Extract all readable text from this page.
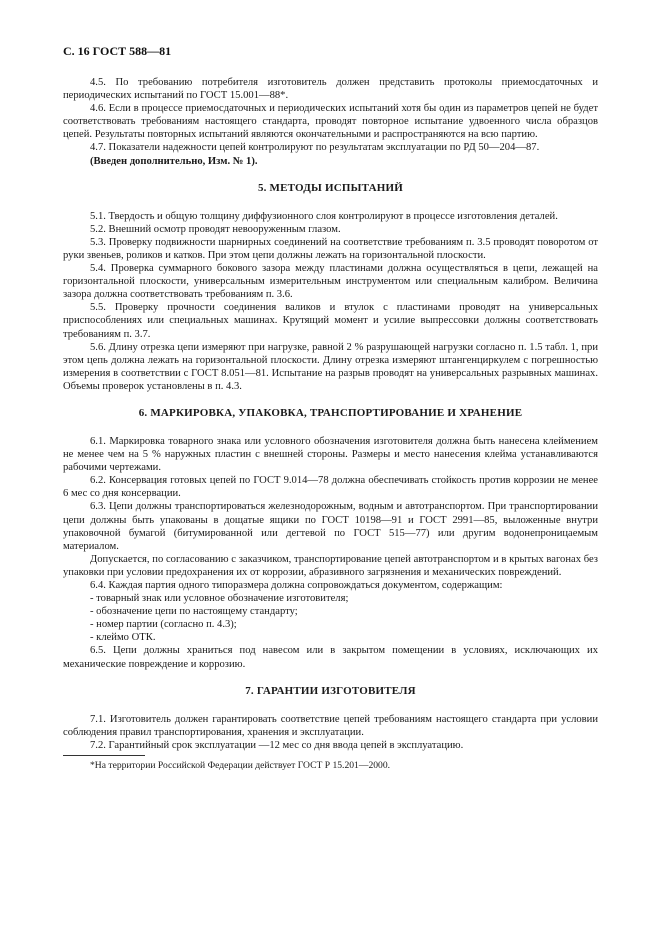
С. 16 ГОСТ 588—81

4.5. По требованию потребителя изготовитель должен представить протоколы приемосдаточных и периодических испытаний по ГОСТ 15.001—88*.

4.6. Если в процессе приемосдаточных и периодических испытаний хотя бы один из параметров цепей не будет соответствовать требованиям настоящего стандарта, проводят повторное испытание удвоенного числа образцов цепей. Результаты повторных испытаний являются окончательными и распространяются на всю партию.

4.7. Показатели надежности цепей контролируют по результатам эксплуатации по РД 50—204—87.

(Введен дополнительно, Изм. № 1).

5. МЕТОДЫ ИСПЫТАНИЙ

5.1. Твердость и общую толщину диффузионного слоя контролируют в процессе изготовления деталей.

5.2. Внешний осмотр проводят невооруженным глазом.

5.3. Проверку подвижности шарнирных соединений на соответствие требованиям п. 3.5 проводят поворотом от руки звеньев, роликов и катков. При этом цепи должны лежать на горизонтальной плоскости.

5.4. Проверка суммарного бокового зазора между пластинами должна осуществляться в цепи, лежащей на горизонтальной плоскости, универсальным измерительным инструментом или специальным калибром. Величина зазора должна соответствовать требованиям п. 3.6.

5.5. Проверку прочности соединения валиков и втулок с пластинами проводят на универсальных приспособлениях или специальных машинах. Крутящий момент и усилие выпрессовки должны соответствовать требованиям п. 3.7.

5.6. Длину отрезка цепи измеряют при нагрузке, равной 2 % разрушающей нагрузки согласно п. 1.5 табл. 1, при этом цепь должна лежать на горизонтальной плоскости. Длину отрезка измеряют штангенциркулем с погрешностью измерения в соответствии с ГОСТ 8.051—81. Испытание на разрыв проводят на универсальных разрывных машинах. Объемы проверок установлены в п. 4.3.

6. МАРКИРОВКА, УПАКОВКА, ТРАНСПОРТИРОВАНИЕ И ХРАНЕНИЕ

6.1. Маркировка товарного знака или условного обозначения изготовителя должна быть нанесена клеймением не менее чем на 5 % наружных пластин с внешней стороны. Размеры и место нанесения клейма устанавливаются рабочими чертежами.

6.2. Консервация готовых цепей по ГОСТ 9.014—78 должна обеспечивать стойкость против коррозии не менее 6 мес со дня консервации.

6.3. Цепи должны транспортироваться железнодорожным, водным и автотранспортом. При транспортировании цепи должны быть упакованы в дощатые ящики по ГОСТ 10198—91 и ГОСТ 2991—85, выложенные внутри упаковочной бумагой (битумированной или дегтевой по ГОСТ 515—77) или другим водонепроницаемым материалом.

Допускается, по согласованию с заказчиком, транспортирование цепей автотранспортом и в крытых вагонах без упаковки при условии предохранения их от коррозии, абразивного загрязнения и механических повреждений.

6.4. Каждая партия одного типоразмера должна сопровождаться документом, содержащим:

- товарный знак или условное обозначение изготовителя;

- обозначение цепи по настоящему стандарту;

- номер партии (согласно п. 4.3);

- клеймо ОТК.

6.5. Цепи должны храниться под навесом или в закрытом помещении в условиях, исключающих их механические повреждение и коррозию.

7. ГАРАНТИИ ИЗГОТОВИТЕЛЯ

7.1. Изготовитель должен гарантировать соответствие цепей требованиям настоящего стандарта при условии соблюдения правил транспортирования, хранения и эксплуатации.

7.2. Гарантийный срок эксплуатации —12 мес со дня ввода цепей в эксплуатацию.

*На территории Российской Федерации действует ГОСТ Р 15.201—2000.
